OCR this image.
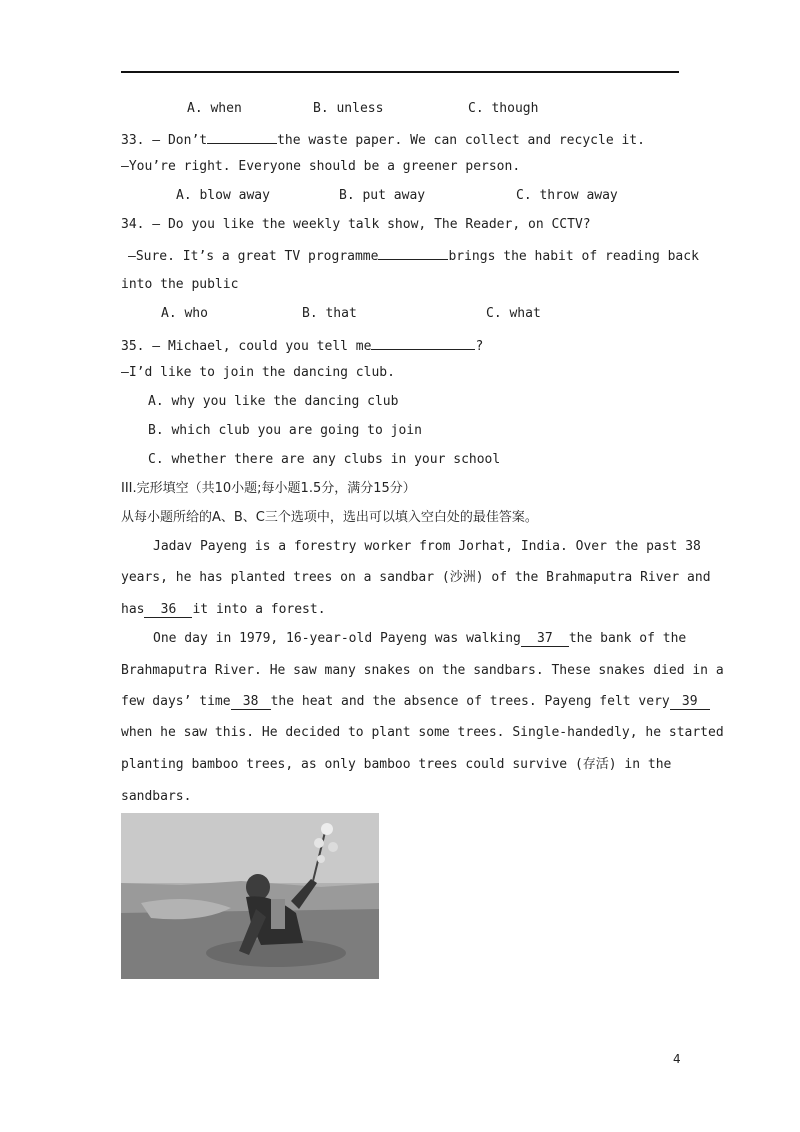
A. when	B. unless	C. though
33. — Don’t	the waste paper. We can collect and recycle it.
—You’re right. Everyone should be a greener person.
A. blow away	B. put away	C. throw away
34. — Do you like the weekly talk show, The Reader, on CCTV?
—Sure. It’s a great TV programme	brings the habit of reading back
into the public
A. who	B. that	C. what
35. — Michael, could you tell me	?
—I’d like to join the dancing club.
A. why you like the dancing club
B. which club you are going to join
C. whether there are any clubs in your school
III.完形填空（共10小题;每小题1.5分，满分15分）
从每小题所给的A、B、C三个选项中，选出可以填入空白处的最佳答案。
Jadav Payeng is a forestry worker from Jorhat, India. Over the past 38
years, he has planted trees on a sandbar (沙洲) of the Brahmaputra River and
has 36 it into a forest.
One day in 1979, 16-year-old Payeng was walking 37 the bank of the
Brahmaputra River. He saw many snakes on the sandbars. These snakes died in a
few days’ time 38 the heat and the absence of trees. Payeng felt very 39
when he saw this. He decided to plant some trees. Single-handedly, he started
planting bamboo trees, as only bamboo trees could survive (存活) in the
sandbars.
4
